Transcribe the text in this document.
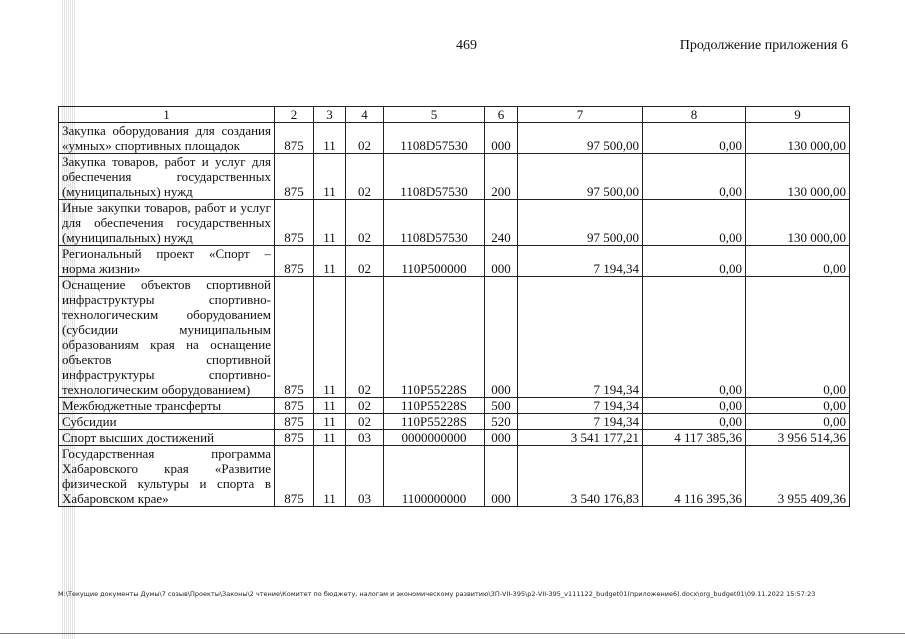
469	Продолжение приложения 6
1	2	3	4	5	6	7	8	9
Закупка оборудования для создания «умных» спортивных площадок	875	11	02	1108D57530	000	97 500,00	0,00	130 000,00
Закупка товаров, работ и услуг для обеспечения государственных (муниципальных) нужд	875	11	02	1108D57530	200	97 500,00	0,00	130 000,00
Иные закупки товаров, работ и услуг для обеспечения государственных (муниципальных) нужд	875	11	02	1108D57530	240	97 500,00	0,00	130 000,00
Региональный проект «Спорт – норма жизни»	875	11	02	110P500000	000	7 194,34	0,00	0,00
Оснащение объектов спортивной инфраструктуры спортивно-технологическим оборудованием (субсидии муниципальным образованиям края на оснащение объектов спортивной инфраструктуры спортивно-технологическим оборудованием)	875	11	02	110P55228S	000	7 194,34	0,00	0,00
Межбюджетные трансферты	875	11	02	110P55228S	500	7 194,34	0,00	0,00
Субсидии	875	11	02	110P55228S	520	7 194,34	0,00	0,00
Спорт высших достижений	875	11	03	0000000000	000	3 541 177,21	4 117 385,36	3 956 514,36
Государственная программа Хабаровского края «Развитие физической культуры и спорта в Хабаровском крае»	875	11	03	1100000000	000	3 540 176,83	4 116 395,36	3 955 409,36
M:\Текущие документы Думы\7 созыв\Проекты\Законы\2 чтение\Комитет по бюджету, налогам и экономическому развитию\3П-VII-395\р2-VII-395_v111122_budget01(приложение6).docx\org_budget01\09.11.2022 15:57:23
